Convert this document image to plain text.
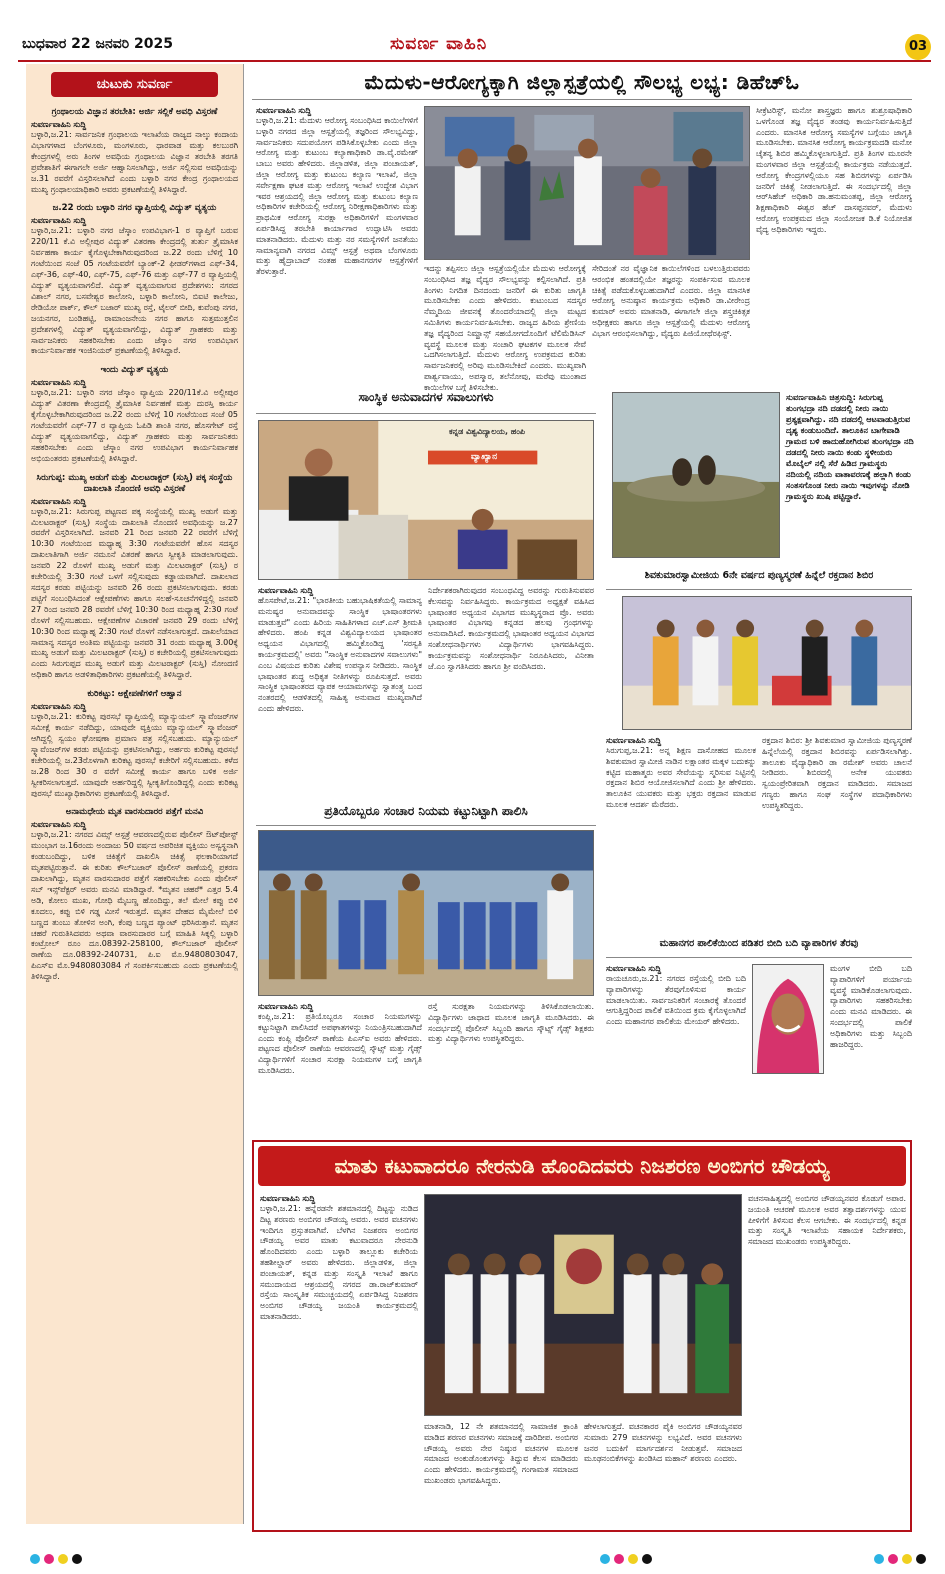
ಬುಧವಾರ 22 ಜನವರಿ 2025	ಸುವರ್ಣ ವಾಹಿನಿ	03
ಚುಟುಕು ಸುವರ್ಣ
ಗ್ರಂಥಾಲಯ ವಿಜ್ಞಾನ ತರಬೇತಿ: ಅರ್ಜಿ ಸಲ್ಲಿಕೆ ಅವಧಿ ವಿಸ್ತರಣೆ
ಸುವರ್ಣವಾಹಿನಿ ಸುದ್ದಿ
ಬಳ್ಳಾರಿ,ಜ.21: ಸಾರ್ವಜನಿಕ ಗ್ರಂಥಾಲಯ ಇಲಾಖೆಯ ರಾಜ್ಯದ ನಾಲ್ಕು ಕಂದಾಯ ವಿಭಾಗಗಳಾದ ಬೆಂಗಳೂರು, ಮಂಗಳೂರು, ಧಾರವಾಡ ಮತ್ತು ಕಲಬುರಗಿ ಕೇಂದ್ರಗಳಲ್ಲಿ ಅರು ತಿಂಗಳ ಅವಧಿಯ ಗ್ರಂಥಾಲಯ ವಿಜ್ಞಾನ ತರಬೇತಿ ತರಗತಿ ಪ್ರವೇಶಾತಿಗೆ ಈಗಾಗಲೇ ಅರ್ಜಿ ಆಹ್ವಾನಿಸಲಾಗಿದ್ದು, ಅರ್ಜಿ ಸಲ್ಲಿಸುವ ಅವಧಿಯನ್ನು ಜ.31 ರವರೆಗೆ ವಿಸ್ತರಿಸಲಾಗಿದೆ ಎಂದು ಬಳ್ಳಾರಿ ನಗರ ಕೇಂದ್ರ ಗ್ರಂಥಾಲಯದ ಮುಖ್ಯ ಗ್ರಂಥಾಲಯಾಧಿಕಾರಿ ಅವರು ಪ್ರಕಟಣೆಯಲ್ಲಿ ತಿಳಿಸಿದ್ದಾರೆ.
ಜ.22 ರಂದು ಬಳ್ಳಾರಿ ನಗರ ವ್ಯಾಪ್ತಿಯಲ್ಲಿ ವಿದ್ಯುತ್ ವ್ಯತ್ಯಯ
ಸುವರ್ಣವಾಹಿನಿ ಸುದ್ದಿ
ಬಳ್ಳಾರಿ,ಜ.21: ಬಳ್ಳಾರಿ ನಗರ ಜೆಸ್ಕಾಂ ಉಪವಿಭಾಗ-1 ರ ವ್ಯಾಪ್ತಿಗೆ ಬರುವ 220/11 ಕೆ.ವಿ ಅಲ್ಲೀಪುರ ವಿದ್ಯುತ್ ವಿತರಣಾ ಕೇಂದ್ರದಲ್ಲಿ ತುರ್ತು ತ್ರೈಮಾಸಿಕ ನಿರ್ವಹಣಾ ಕಾರ್ಯ ಕೈಗೊಳ್ಳಬೇಕಾಗಿರುವುದರಿಂದ ಜ.22 ರಂದು ಬೆಳಿಗ್ಗೆ 10 ಗಂಟೆಯಿಂದ ಸಂಜೆ 05 ಗಂಟೆಯವರೆಗೆ ಬ್ಯಾಂಕ್-2 ಫೀಡರ್‌ಗಳಾದ ಎಫ್-34, ಎಫ್-36, ಎಫ್-40, ಎಫ್-75, ಎಫ್-76 ಮತ್ತು ಎಫ್-77 ರ ವ್ಯಾಪ್ತಿಯಲ್ಲಿ ವಿದ್ಯುತ್ ವ್ಯತ್ಯಯವಾಗಲಿದೆ. ವಿದ್ಯುತ್ ವ್ಯತ್ಯಯವಾಗುವ ಪ್ರದೇಶಗಳು: ನಗರದ ವಿಶಾಲ್ ನಗರ, ಬಸವೇಶ್ವರ ಕಾಲೋನಿ, ಬಳ್ಳಾರಿ ಕಾಲೋನಿ, ಬಿಐಟಿ ಕಾಲೇಜು, ರೇಡಿಯೋ ಪಾರ್ಕ್, ಕೌಲ್ ಬಜಾರ್ ಮುಖ್ಯ ರಸ್ತೆ, ಟೈಲರ್ ಬೀದಿ, ಕುವೆಂಪು ನಗರ, ಜಯನಗರ, ಬಂಡಿಹಟ್ಟಿ, ರಾಮಾಂಜನೇಯ ನಗರ ಹಾಗೂ ಸುತ್ತಮುತ್ತಲಿನ ಪ್ರದೇಶಗಳಲ್ಲಿ ವಿದ್ಯುತ್ ವ್ಯತ್ಯಯವಾಗಲಿದ್ದು, ವಿದ್ಯುತ್ ಗ್ರಾಹಕರು ಮತ್ತು ಸಾರ್ವಜನಿಕರು ಸಹಕರಿಸಬೇಕು ಎಂದು ಜೆಸ್ಕಾಂ ನಗರ ಉಪವಿಭಾಗ ಕಾರ್ಯನಿರ್ವಾಹಕ ಇಂಜಿನಿಯರ್ ಪ್ರಕಟಣೆಯಲ್ಲಿ ತಿಳಿಸಿದ್ದಾರೆ.
ಇಂದು ವಿದ್ಯುತ್ ವ್ಯತ್ಯಯ
ಸುವರ್ಣವಾಹಿನಿ ಸುದ್ದಿ
ಬಳ್ಳಾರಿ,ಜ.21: ಬಳ್ಳಾರಿ ನಗರ ಜೆಸ್ಕಾಂ ವ್ಯಾಪ್ತಿಯ 220/11ಕೆ.ವಿ ಅಲ್ಲೀಪುರ ವಿದ್ಯುತ್ ವಿತರಣಾ ಕೇಂದ್ರದಲ್ಲಿ ತ್ರೈಮಾಸಿಕ ನಿರ್ವಹಣೆ ಮತ್ತು ದುರಸ್ತಿ ಕಾರ್ಯ ಕೈಗೊಳ್ಳಬೇಕಾಗಿರುವುದರಿಂದ ಜ.22 ರಂದು ಬೆಳಿಗ್ಗೆ 10 ಗಂಟೆಯಿಂದ ಸಂಜೆ 05 ಗಂಟೆಯವರೆಗೆ ಎಫ್-77 ರ ವ್ಯಾಪ್ತಿಯ ಓಪಿಡಿ ಶಾಂತಿ ನಗರ, ಹೊಸಗೇಟ್ ರಸ್ತೆ ವಿದ್ಯುತ್ ವ್ಯತ್ಯಯವಾಗಲಿದ್ದು, ವಿದ್ಯುತ್ ಗ್ರಾಹಕರು ಮತ್ತು ಸಾರ್ವಜನಿಕರು ಸಹಕರಿಸಬೇಕು ಎಂದು ಜೆಸ್ಕಾಂ ನಗರ ಉಪವಿಭಾಗ ಕಾರ್ಯನಿರ್ವಾಹಕ ಅಭಿಯಂತರರು ಪ್ರಕಟಣೆಯಲ್ಲಿ ತಿಳಿಸಿದ್ದಾರೆ.
ಸಿರುಗುಪ್ಪ: ಮುಖ್ಯ ಅಡುಗೆ ಮತ್ತು ಮಿಲಟರಾಕ್ಟರ್ (ಸುಸ್ತಿ) ಪಕ್ಕ ಸಂಸ್ಥೆಯ ದಾಖಲಾತಿ ನೊಂದಣಿ ಅವಧಿ ವಿಸ್ತರಣೆ
ಸುವರ್ಣವಾಹಿನಿ ಸುದ್ದಿ
ಬಳ್ಳಾರಿ,ಜ.21: ಸಿರುಗುಪ್ಪ ಪಟ್ಟಣದ ಪಕ್ಕ ಸಂಸ್ಥೆಯಲ್ಲಿ ಮುಖ್ಯ ಅಡುಗೆ ಮತ್ತು ಮಿಲಟರಾಕ್ಟರ್ (ಸುಸ್ತಿ) ಸಂಸ್ಥೆಯ ದಾಖಲಾತಿ ನೊಂದಣಿ ಅವಧಿಯನ್ನು ಜ.27 ರವರೆಗೆ ವಿಸ್ತರಿಸಲಾಗಿದೆ. ಜನವರಿ 21 ರಿಂದ ಜನವರಿ 22 ರವರೆಗೆ ಬೆಳಿಗ್ಗೆ 10:30 ಗಂಟೆಯಿಂದ ಮಧ್ಯಾಹ್ನ 3:30 ಗಂಟೆಯವರೆಗೆ ಹೊಸ ಸದಸ್ಯರ ದಾಖಲಾತಿಗಾಗಿ ಅರ್ಜಿ ನಮೂನೆ ವಿತರಣೆ ಹಾಗೂ ಸ್ವೀಕೃತಿ ಮಾಡಲಾಗುವುದು. ಜನವರಿ 22 ರೊಳಗೆ ಮುಖ್ಯ ಅಡುಗೆ ಮತ್ತು ಮಿಲಟರಾಕ್ಟರ್ (ಸುಸ್ತಿ) ರ ಕಚೇರಿಯಲ್ಲಿ 3:30 ಗಂಟೆ ಒಳಗೆ ಸಲ್ಲಿಸುವುದು ಕಡ್ಡಾಯವಾಗಿದೆ. ದಾಖಲಾದ ಸದಸ್ಯರ ಕರಡು ಪಟ್ಟಿಯನ್ನು ಜನವರಿ 26 ರಂದು ಪ್ರಕಟಿಸಲಾಗುವುದು. ಕರಡು ಪಟ್ಟಿಗೆ ಸಂಬಂಧಿಸಿದಂತೆ ಆಕ್ಷೇಪಣೆಗಳು ಹಾಗೂ ಸಲಹೆ-ಸೂಚನೆಗಳಿದ್ದಲ್ಲಿ ಜನವರಿ 27 ರಿಂದ ಜನವರಿ 28 ರವರೆಗೆ ಬೆಳಿಗ್ಗೆ 10:30 ರಿಂದ ಮಧ್ಯಾಹ್ನ 2:30 ಗಂಟೆ ರೊಳಗೆ ಸಲ್ಲಿಸಬಹುದು. ಆಕ್ಷೇಪಣೆಗಳ ವಿಚಾರಣೆ ಜನವರಿ 29 ರಂದು ಬೆಳಿಗ್ಗೆ 10:30 ರಿಂದ ಮಧ್ಯಾಹ್ನ 2:30 ಗಂಟೆ ರೊಳಗೆ ನಡೆಸಲಾಗುತ್ತದೆ. ದಾಖಲೆಯಾದ ಸಾಮಾನ್ಯ ಸದಸ್ಯರ ಅಂತಿಮ ಪಟ್ಟಿಯನ್ನು ಜನವರಿ 31 ರಂದು ಮಧ್ಯಾಹ್ನ 3.00ಕ್ಕೆ ಮುಖ್ಯ ಅಡುಗೆ ಮತ್ತು ಮಿಲಟರಾಕ್ಟರ್ (ಸುಸ್ತಿ) ರ ಕಚೇರಿಯಲ್ಲಿ ಪ್ರಕಟಿಸಲಾಗುವುದು ಎಂದು ಸಿರುಗುಪ್ಪದ ಮುಖ್ಯ ಅಡುಗೆ ಮತ್ತು ಮಿಲಟರಾಕ್ಟರ್ (ಸುಸ್ತಿ) ನೋಂದಣಿ ಅಧಿಕಾರಿ ಹಾಗೂ ಅಡಳಿತಾಧಿಕಾರಿಗಳು ಪ್ರಕಟಣೆಯಲ್ಲಿ ತಿಳಿಸಿದ್ದಾರೆ.
ಕುರಿಕಟ್ಟು: ಅಕ್ಷೇಪಣೆಗಳಿಗೆ ಆಹ್ವಾನ
ಸುವರ್ಣವಾಹಿನಿ ಸುದ್ದಿ
ಬಳ್ಳಾರಿ,ಜ.21: ಕುರಿಕಟ್ಟ ಪುರಸಭೆ ವ್ಯಾಪ್ತಿಯಲ್ಲಿ ಮ್ಯಾನ್ಯುಯಲ್ ಸ್ಕ್ಯಾವೆಂಜರ್‌ಗಳ ಸಮೀಕ್ಷೆ ಕಾರ್ಯ ನಡೆದಿದ್ದು, ಯಾವುದೇ ವ್ಯಕ್ತಿಯು ಮ್ಯಾನ್ಯುಯಲ್ ಸ್ಕ್ಯಾವೆಂಜರ್ ಆಗಿದ್ದಲ್ಲಿ ಸ್ವಯಂ ಘೋಷಣಾ ಪ್ರಮಾಣ ಪತ್ರ ಸಲ್ಲಿಸಬಹುದು. ಮ್ಯಾನ್ಯುಯಲ್ ಸ್ಕ್ಯಾವೆಂಜರ್‌ಗಳ ಕರಡು ಪಟ್ಟಿಯನ್ನು ಪ್ರಕಟಿಸಲಾಗಿದ್ದು, ಅರ್ಹರು ಕುರಿಕಟ್ಟ ಪುರಸಭೆ ಕಚೇರಿಯಲ್ಲಿ ಜ.23ರೊಳಗಾಗಿ ಕುರಿಕಟ್ಟ ಪುರಸಭೆ ಕಚೇರಿಗೆ ಸಲ್ಲಿಸಬಹುದು. ಕಳೆದ ಜ.28 ರಿಂದ 30 ರ ವರೆಗೆ ಸಮೀಕ್ಷೆ ಕಾರ್ಯ ಹಾಗೂ ಬಳಿಕ ಅರ್ಜಿ ಸ್ವೀಕರಿಸಲಾಗುತ್ತದೆ. ಯಾವುದೇ ಅರ್ಹರಿದ್ದಲ್ಲಿ ಸ್ವೀಕೃತಿಗೊಂಡಿದ್ದಲ್ಲಿ ಎಂದು ಕುರಿಕಟ್ಟ ಪುರಸಭೆ ಮುಖ್ಯಾಧಿಕಾರಿಗಳು ಪ್ರಕಟಣೆಯಲ್ಲಿ ತಿಳಿಸಿದ್ದಾರೆ.
ಅನಾಮಧೇಯ ಮೃತ ವಾರಸುದಾರರ ಪತ್ತೆಗೆ ಮನವಿ
ಸುವರ್ಣವಾಹಿನಿ ಸುದ್ದಿ
ಬಳ್ಳಾರಿ,ಜ.21: ನಗರದ ವಿಮ್ಸ್ ಆಸ್ಪತ್ರೆ ಆವರಣದಲ್ಲಿರುವ ಪೊಲೀಸ್ ಔಟ್‌ಪೋಸ್ಟ್ ಮುಂಭಾಗ ಜ.16ರಂದು ಅಂದಾಜು 50 ವರ್ಷದ ಅಪರಿಚಿತ ವ್ಯಕ್ತಿಯು ಅಸ್ವಸ್ಥನಾಗಿ ಕಂಡುಬಂದಿದ್ದು, ಬಳಿಕ ಚಿಕಿತ್ಸೆಗೆ ದಾಖಲಿಸಿ ಚಿಕಿತ್ಸೆ ಫಲಕಾರಿಯಾಗದೆ ಮೃತಪಟ್ಟಿರುತ್ತಾನೆ. ಈ ಕುರಿತು ಕೌಲ್‌ಬಜಾರ್ ಪೊಲೀಸ್ ಠಾಣೆಯಲ್ಲಿ ಪ್ರಕರಣ ದಾಖಲಾಗಿದ್ದು, ಮೃತನ ವಾರಸುದಾರರ ಪತ್ತೆಗೆ ಸಹಕರಿಸಬೇಕು ಎಂದು ಪೊಲೀಸ್ ಸಬ್ ಇನ್ಸ್‌ಪೆಕ್ಟರ್ ಅವರು ಮನವಿ ಮಾಡಿದ್ದಾರೆ. *ಮೃತನ ಚಹರೆ* ಎತ್ತರ 5.4 ಅಡಿ, ಕೋಲು ಮುಖ, ಗೋಧಿ ಮೈಬಣ್ಣ ಹೊಂದಿದ್ದು, ತಲೆ ಮೇಲೆ ಕಪ್ಪು ಬಿಳಿ ಕೂದಲು, ಕಪ್ಪು ಬಿಳಿ ಗಡ್ಡ ಮೀಸೆ ಇರುತ್ತದೆ. ಮೃತನ ದೇಹದ ಮೈಮೇಲೆ ಬಿಳಿ ಬಣ್ಣದ ತುಂಬು ತೋಳಿನ ಅಂಗಿ, ಕೆಂಪು ಬಣ್ಣದ ಪ್ಯಾಂಟ್ ಧರಿಸಿರುತ್ತಾನೆ. ಮೃತನ ಚಹರೆ ಗುರುತಿಸಿದವರು ಅಥವಾ ವಾರಸುದಾರರ ಬಗ್ಗೆ ಮಾಹಿತಿ ಸಿಕ್ಕಲ್ಲಿ ಬಳ್ಳಾರಿ ಕಂಟ್ರೋಲ್ ರೂಂ ದೂ.08392-258100, ಕೌಲ್‌ಬಜಾರ್ ಪೊಲೀಸ್ ಠಾಣೆಯ ದೂ.08392-240731, ಪಿ.ಐ ಮೊ.9480803047, ಪಿಎಸ್‌ಐ ಮೊ.9480803084 ಗೆ ಸಂಪರ್ಕಿಸಬಹುದು ಎಂದು ಪ್ರಕಟಣೆಯಲ್ಲಿ ತಿಳಿಸಿದ್ದಾರೆ.
ಮೆದುಳು-ಆರೋಗ್ಯಕ್ಕಾಗಿ ಜಿಲ್ಲಾಸ್ಪತ್ರೆಯಲ್ಲಿ ಸೌಲಭ್ಯ ಲಭ್ಯ: ಡಿಹೆಚ್‌ಓ
ಸುವರ್ಣವಾಹಿನಿ ಸುದ್ದಿ
ಬಳ್ಳಾರಿ,ಜ.21: ಮೆದುಳು ಆರೋಗ್ಯ ಸಂಬಂಧಿಸಿದ ಕಾಯಿಲೆಗಳಿಗೆ ಬಳ್ಳಾರಿ ನಗರದ ಜಿಲ್ಲಾ ಆಸ್ಪತ್ರೆಯಲ್ಲಿ ತಜ್ಞರಿಂದ ಸೌಲಭ್ಯವಿದ್ದು, ಸಾರ್ವಜನಿಕರು ಸದುಪಯೋಗ ಪಡಿಸಿಕೊಳ್ಳಬೇಕು ಎಂದು ಜಿಲ್ಲಾ ಆರೋಗ್ಯ ಮತ್ತು ಕುಟುಂಬ ಕಲ್ಯಾಣಾಧಿಕಾರಿ ಡಾ.ವೈ.ರಮೇಶ್ ಬಾಬು ಅವರು ಹೇಳಿದರು. ಜಿಲ್ಲಾಡಳಿತ, ಜಿಲ್ಲಾ ಪಂಚಾಯತ್, ಜಿಲ್ಲಾ ಆರೋಗ್ಯ ಮತ್ತು ಕುಟುಂಬ ಕಲ್ಯಾಣ ಇಲಾಖೆ, ಜಿಲ್ಲಾ ಸರ್ವೇಕ್ಷಣಾ ಘಟಕ ಮತ್ತು ಆರೋಗ್ಯ ಇಲಾಖೆ ಉದ್ದೇಶ ವಿಭಾಗ ಇವರ ಆಶ್ರಯದಲ್ಲಿ ಜಿಲ್ಲಾ ಆರೋಗ್ಯ ಮತ್ತು ಕುಟುಂಬ ಕಲ್ಯಾಣ ಅಧಿಕಾರಿಗಳ ಕಚೇರಿಯಲ್ಲಿ ಆರೋಗ್ಯ ನಿರೀಕ್ಷಣಾಧಿಕಾರಿಗಳು ಮತ್ತು ಪ್ರಾಥಮಿಕ ಆರೋಗ್ಯ ಸುರಕ್ಷಾ ಅಧಿಕಾರಿಗಳಿಗೆ ಮಂಗಳವಾರ ಏರ್ಪಡಿಸಿದ್ದ ತರಬೇತಿ ಕಾರ್ಯಾಗಾರ ಉದ್ಘಾಟಿಸಿ ಅವರು ಮಾತನಾಡಿದರು. ಮೆದುಳು ಮತ್ತು ನರ ಸಮಸ್ಯೆಗಳಿಗೆ ಜನತೆಯು ಸಾಮಾನ್ಯವಾಗಿ ನಗರದ ವಿಮ್ಸ್ ಆಸ್ಪತ್ರೆ ಅಥವಾ ಬೆಂಗಳೂರು ಮತ್ತು ಹೈದ್ರಾಬಾದ್ ನಂತಹ ಮಹಾನಗರಗಳ ಆಸ್ಪತ್ರೆಗಳಿಗೆ ತೆರಳುತ್ತಾರೆ.	ಇದನ್ನು ತಪ್ಪಿಸಲು ಜಿಲ್ಲಾ ಆಸ್ಪತ್ರೆಯಲ್ಲಿಯೇ ಮೆದುಳು ಆರೋಗ್ಯಕ್ಕೆ ಸಂಬಂಧಿಸಿದ ತಜ್ಞ ವೈದ್ಯರ ಸೌಲಭ್ಯವನ್ನು ಕಲ್ಪಿಸಲಾಗಿದೆ. ಪ್ರತಿ ತಿಂಗಳು ನಿಗದಿತ ದಿನದಂದು ಜನರಿಗೆ ಈ ಕುರಿತು ಜಾಗೃತಿ ಮೂಡಿಸಬೇಕು ಎಂದು ಹೇಳಿದರು. ಕುಟುಂಬದ ಸದಸ್ಯರ ನೆಮ್ಮದಿಯ ಜೀವನಕ್ಕೆ ತೊಂದರೆಯಾದಲ್ಲಿ ಜಿಲ್ಲಾ ಮಟ್ಟದ ಸಮಿತಿಗಳು ಕಾರ್ಯನಿರ್ವಹಿಸಬೇಕು. ರಾಜ್ಯದ ಹಿರಿಯ ಶ್ರೇಣಿಯ ತಜ್ಞ ವೈದ್ಯರಿಂದ ನಿಮ್ಹಾನ್ಸ್ ಸಹಯೋಗದೊಂದಿಗೆ ಟೆಲಿಮೆಡಿಸಿನ್ ವ್ಯವಸ್ಥೆ ಮೂಲಕ ಮತ್ತು ಸಂಚಾರಿ ಘಟಕಗಳ ಮೂಲಕ ಸೇವೆ ಒದಗಿಸಲಾಗುತ್ತಿದೆ. ಮೆದುಳು ಆರೋಗ್ಯ ಉಪಕ್ರಮದ ಕುರಿತು ಸಾರ್ವಜನಿಕರಲ್ಲಿ ಅರಿವು ಮೂಡಿಸಬೇಕಿದೆ ಎಂದರು. ಮುಖ್ಯವಾಗಿ ಪಾರ್ಶ್ವವಾಯು, ಅಪಸ್ಮಾರ, ತಲೆನೋವು, ಮರೆವು ಮುಂತಾದ ಕಾಯಿಲೆಗಳ ಬಗ್ಗೆ ತಿಳಿಸಬೇಕು.
ಸೇರಿದಂತೆ ನರ ವೈಜ್ಞಾನಿಕ ಕಾಯಿಲೆಗಳಿಂದ ಬಳಲುತ್ತಿರುವವರು ಆರಂಭಿಕ ಹಂತದಲ್ಲಿಯೇ ತಜ್ಞರನ್ನು ಸಂಪರ್ಕಿಸುವ ಮೂಲಕ ಚಿಕಿತ್ಸೆ ಪಡೆದುಕೊಳ್ಳಬಹುದಾಗಿದೆ ಎಂದರು. ಜಿಲ್ಲಾ ಮಾನಸಿಕ ಆರೋಗ್ಯ ಅನುಷ್ಠಾನ ಕಾರ್ಯಕ್ರಮ ಅಧಿಕಾರಿ ಡಾ.ವೀರೇಂದ್ರ ಕುಮಾರ್ ಅವರು ಮಾತನಾಡಿ, ಈಗಾಗಲೇ ಜಿಲ್ಲಾ ಶಸ್ತ್ರಚಿಕಿತ್ಸಕ ಅಧೀಕ್ಷಕರು ಹಾಗೂ ಜಿಲ್ಲಾ ಆಸ್ಪತ್ರೆಯಲ್ಲಿ ಮೆದುಳು ಆರೋಗ್ಯ ವಿಭಾಗ ಆರಂಭಿಸಲಾಗಿದ್ದು, ವೈದ್ಯರು ಪಿಜಿಯೋಥೆರಫಿಸ್ಟ್.
ಸೀಕ್ರೆಟರಿಸ್ಟ್, ಮನೋ ಶಾಸ್ತ್ರಜ್ಞರು ಹಾಗೂ ಶುಶ್ರೂಷಾಧಿಕಾರಿ ಒಳಗೊಂಡ ತಜ್ಞ ವೈದ್ಯರ ತಂಡವು ಕಾರ್ಯನಿರ್ವಹಿಸುತ್ತಿದೆ ಎಂದರು. ಮಾನಸಿಕ ಆರೋಗ್ಯ ಸಮಸ್ಯೆಗಳ ಬಗ್ಗೆಯು ಜಾಗೃತಿ ಮೂಡಿಸಬೇಕು. ಮಾನಸಿಕ ಆರೋಗ್ಯ ಕಾರ್ಯಕ್ರಮದಡಿ ಮನೋ ಚೈತನ್ಯ ಶಿಬಿರ ಹಮ್ಮಿಕೊಳ್ಳಲಾಗುತ್ತಿದೆ. ಪ್ರತಿ ತಿಂಗಳ ಮೂರನೇ ಮಂಗಳವಾರ ಜಿಲ್ಲಾ ಆಸ್ಪತ್ರೆಯಲ್ಲಿ ಕಾರ್ಯಕ್ರಮ ನಡೆಯುತ್ತದೆ. ಆರೋಗ್ಯ ಕೇಂದ್ರಗಳಲ್ಲಿಯೂ ಸಹ ಶಿಬಿರಗಳನ್ನು ಏರ್ಪಡಿಸಿ ಜನರಿಗೆ ಚಿಕಿತ್ಸೆ ನೀಡಲಾಗುತ್ತಿದೆ. ಈ ಸಂದರ್ಭದಲ್ಲಿ ಜಿಲ್ಲಾ ಆರ್‌ಸಿಹೆಚ್ ಅಧಿಕಾರಿ ಡಾ.ಹನುಮಂತಪ್ಪ, ಜಿಲ್ಲಾ ಆರೋಗ್ಯ ಶಿಕ್ಷಣಾಧಿಕಾರಿ ಈಶ್ವರ ಹೆಚ್ ದಾಸಪ್ಪನವರ್, ಮೆದುಳು ಆರೋಗ್ಯ ಉಪಕ್ರಮದ ಜಿಲ್ಲಾ ಸಂಯೋಜಕ ಡಿ.ಕೆ ನಿಯೋಜಿತ ವೈದ್ಯ ಅಧಿಕಾರಿಗಳು ಇದ್ದರು.
ಸಾಂಸ್ಥಿಕ ಅನುವಾದಗಳ ಸವಾಲುಗಳು
ಕನ್ನಡ ವಿಶ್ವವಿದ್ಯಾಲಯ, ಹಂಪಿ
ವ್ಯಾಖ್ಯಾನ
ಸುವರ್ಣವಾಹಿನಿ ಸುದ್ದಿ
ಹೊಸಪೇಟೆ,ಜ.21: "ಭಾರತೀಯ ಬಹುಭಾಷಿಕತೆಯಲ್ಲಿ ಸಾಮಾನ್ಯ ಮನುಷ್ಯರ ಅನುವಾದವನ್ನು ಸಾಂಸ್ಥಿಕ ಭಾಷಾಂತರಗಳು ಮಾಡುತ್ತವೆ" ಎಂದು ಹಿರಿಯ ಸಾಹಿತಿಗಳಾದ ಎಚ್.ಎಸ್ ಶ್ರೀಮತಿ ಹೇಳಿದರು. ಹಂಪಿ ಕನ್ನಡ ವಿಶ್ವವಿದ್ಯಾಲಯದ ಭಾಷಾಂತರ ಅಧ್ಯಯನ ವಿಭಾಗದಲ್ಲಿ ಹಮ್ಮಿಕೊಂಡಿದ್ದ 'ಸರಸ್ವತಿ ಕಾರ್ಯಕ್ರಮದಲ್ಲಿ' ಅವರು "ಸಾಂಸ್ಥಿಕ ಅನುವಾದಗಳ ಸವಾಲುಗಳು" ಎಂಬ ವಿಷಯದ ಕುರಿತು ವಿಶೇಷ ಉಪನ್ಯಾಸ ನೀಡಿದರು. ಸಾಂಸ್ಥಿಕ ಭಾಷಾಂತರ ಶುದ್ಧ ಅಧಿಕೃತ ನೀತಿಗಳನ್ನು ರೂಪಿಸುತ್ತದೆ. ಅವರು ಸಾಂಸ್ಥಿಕ ಭಾಷಾಂತರದ ವ್ಯಾಪಕ ಆಯಾಮಗಳನ್ನು ಸ್ವಾತಂತ್ರ್ಯ ಬಂದ ನಂತರದಲ್ಲಿ ಆಡಳಿತದಲ್ಲಿ ಸಾಹಿತ್ಯ ಅನುವಾದ ಮುಖ್ಯವಾಗಿದೆ ಎಂದು ಹೇಳಿದರು.
ನಿರ್ದೇಶಕರಾಗಿರುವುದರ ಸಂಬಂಧವಿದ್ದ ಅವರನ್ನು ಗುರುತಿಸುವವರ ಕೆಲಸವನ್ನು ನಿರ್ವಹಿಸಿದ್ದರು. ಕಾರ್ಯಕ್ರಮದ ಅಧ್ಯಕ್ಷತೆ ವಹಿಸಿದ ಭಾಷಾಂತರ ಅಧ್ಯಯನ ವಿಭಾಗದ ಮುಖ್ಯಸ್ಥರಾದ ಪ್ರೊ. ಅವರು ಭಾಷಾಂತರ ವಿಭಾಗವು ಕನ್ನಡದ ಹಲವು ಗ್ರಂಥಗಳನ್ನು ಅನುವಾದಿಸಿದೆ. ಕಾರ್ಯಕ್ರಮದಲ್ಲಿ ಭಾಷಾಂತರ ಅಧ್ಯಯನ ವಿಭಾಗದ ಸಂಶೋಧನಾರ್ಥಿಗಳು ವಿದ್ಯಾರ್ಥಿಗಳು ಭಾಗವಹಿಸಿದ್ದರು. ಕಾರ್ಯಕ್ರಮವನ್ನು ಸಂಶೋಧನಾರ್ಥಿ ನಿರೂಪಿಸಿದರು, ವಿನೀತಾ ಜೆ.ಎಂ ಸ್ವಾಗತಿಸಿದರು ಹಾಗೂ ಶ್ರೀ ವಂದಿಸಿದರು.
ಸುವರ್ಣವಾಹಿನಿ ಚಿತ್ರಸುದ್ದಿ: ಸಿರುಗುಪ್ಪ ತುಂಗಭದ್ರಾ ನದಿ ದಡದಲ್ಲಿ ನೀರು ನಾಯಿ ಪ್ರತ್ಯಕ್ಷವಾಗಿದ್ದು. ನದಿ ದಡದಲ್ಲಿ ಆಟವಾಡುತ್ತಿರುವ ದೃಶ್ಯ ಕಂಡುಬಂದಿದೆ. ತಾಲೂಕಿನ ಬಾಗೇವಾಡಿ ಗ್ರಾಮದ ಬಳಿ ಹಾದುಹೋಗಿರುವ ತುಂಗಭದ್ರಾ ನದಿ ದಡದಲ್ಲಿ ನೀರು ನಾಯಿ ಕಂಡು ಸ್ಥಳೀಯರು ಮೊಬೈಲ್ ನಲ್ಲಿ ಸೆರೆ ಹಿಡಿದ ಗ್ರಾಮಸ್ಥರು ನದಿಯಲ್ಲಿ ನದಿಯ ವಾತಾವರಣಕ್ಕೆ ಹಲ್ಲಾಗಿ ಕಂಡು ಸಂತಸಗೊಂಡ ನೀರು ನಾಯಿ ಇವುಗಳನ್ನು ನೋಡಿ ಗ್ರಾಮಸ್ಥರು ಖುಷಿ ಪಟ್ಟಿದ್ದಾರೆ.
ಶಿವಕುಮಾರಸ್ವಾಮೀಜಿಯ 6ನೇ ವರ್ಷದ ಪುಣ್ಯಸ್ಮರಣೆ ಹಿನ್ನೆಲೆ ರಕ್ತದಾನ ಶಿಬಿರ
ಸುವರ್ಣವಾಹಿನಿ ಸುದ್ದಿ
ಸಿರುಗುಪ್ಪ,ಜ.21: ಅನ್ನ ಶಿಕ್ಷಣ ದಾಸೋಹದ ಮೂಲಕ ಶಿವಕುಮಾರ ಸ್ವಾಮೀಜಿ ನಾಡಿನ ಲಕ್ಷಾಂತರ ಮಕ್ಕಳ ಬದುಕನ್ನು ಕಟ್ಟಿದ ಮಹಾತ್ಮರು ಅವರ ಸೇವೆಯನ್ನು ಸ್ಮರಿಸುವ ನಿಟ್ಟಿನಲ್ಲಿ ರಕ್ತದಾನ ಶಿಬಿರ ಆಯೋಜಿಸಲಾಗಿದೆ ಎಂದು ಶ್ರೀ ಹೇಳಿದರು. ತಾಲೂಕಿನ ಯುವಕರು ಮತ್ತು ಭಕ್ತರು ರಕ್ತದಾನ ಮಾಡುವ ಮೂಲಕ ಆದರ್ಶ ಮೆರೆದರು.
ರಕ್ತದಾನ ಶಿಬಿರ: ಶ್ರೀ ಶಿವಕುಮಾರ ಸ್ವಾಮೀಜಿಯ ಪುಣ್ಯಸ್ಮರಣೆ ಹಿನ್ನೆಲೆಯಲ್ಲಿ ರಕ್ತದಾನ ಶಿಬಿರವನ್ನು ಏರ್ಪಡಿಸಲಾಗಿತ್ತು. ತಾಲೂಕು ವೈದ್ಯಾಧಿಕಾರಿ ಡಾ ರಮೇಶ್ ಅವರು ಚಾಲನೆ ನೀಡಿದರು. ಶಿಬಿರದಲ್ಲಿ ಅನೇಕ ಯುವಕರು ಸ್ವಯಂಪ್ರೇರಿತವಾಗಿ ರಕ್ತದಾನ ಮಾಡಿದರು. ಸಮಾಜದ ಗಣ್ಯರು ಹಾಗೂ ಸಂಘ ಸಂಸ್ಥೆಗಳ ಪದಾಧಿಕಾರಿಗಳು ಉಪಸ್ಥಿತರಿದ್ದರು.
ಪ್ರತಿಯೊಬ್ಬರೂ ಸಂಚಾರ ನಿಯಮ ಕಟ್ಟುನಿಟ್ಟಾಗಿ ಪಾಲಿಸಿ
ಸುವರ್ಣವಾಹಿನಿ ಸುದ್ದಿ
ಕಂಪ್ಲಿ,ಜ.21: ಪ್ರತಿಯೊಬ್ಬರೂ ಸಂಚಾರ ನಿಯಮಗಳನ್ನು ಕಟ್ಟುನಿಟ್ಟಾಗಿ ಪಾಲಿಸಿದರೆ ಅಪಘಾತಗಳನ್ನು ನಿಯಂತ್ರಿಸಬಹುದಾಗಿದೆ ಎಂದು ಕಂಪ್ಲಿ ಪೊಲೀಸ್ ಠಾಣೆಯ ಪಿಎಸ್‌ಐ ಅವರು ಹೇಳಿದರು. ಪಟ್ಟಣದ ಪೊಲೀಸ್ ಠಾಣೆಯ ಆವರಣದಲ್ಲಿ ಸ್ಕೌಟ್ಸ್ ಮತ್ತು ಗೈಡ್ಸ್ ವಿದ್ಯಾರ್ಥಿಗಳಿಗೆ ಸಂಚಾರ ಸುರಕ್ಷಾ ನಿಯಮಗಳ ಬಗ್ಗೆ ಜಾಗೃತಿ ಮೂಡಿಸಿದರು.
ರಸ್ತೆ ಸುರಕ್ಷತಾ ನಿಯಮಗಳನ್ನು ತಿಳಿಸಿಕೊಡಲಾಯಿತು. ವಿದ್ಯಾರ್ಥಿಗಳು ಜಾಥಾದ ಮೂಲಕ ಜಾಗೃತಿ ಮೂಡಿಸಿದರು. ಈ ಸಂದರ್ಭದಲ್ಲಿ ಪೊಲೀಸ್ ಸಿಬ್ಬಂದಿ ಹಾಗೂ ಸ್ಕೌಟ್ಸ್ ಗೈಡ್ಸ್ ಶಿಕ್ಷಕರು ಮತ್ತು ವಿದ್ಯಾರ್ಥಿಗಳು ಉಪಸ್ಥಿತರಿದ್ದರು.
ಮಹಾನಗರ ಪಾಲಿಕೆಯಿಂದ ಪಡಿತರ ಬೀದಿ ಬದಿ ವ್ಯಾಪಾರಿಗಳ ತೆರವು
ಸುವರ್ಣವಾಹಿನಿ ಸುದ್ದಿ
ರಾಯಚೂರು,ಜ.21: ನಗರದ ರಸ್ತೆಯಲ್ಲಿ ಬೀದಿ ಬದಿ ವ್ಯಾಪಾರಿಗಳನ್ನು ತೆರವುಗೊಳಿಸುವ ಕಾರ್ಯ ಮಾಡಲಾಯಿತು. ಸಾರ್ವಜನಿಕರಿಗೆ ಸಂಚಾರಕ್ಕೆ ತೊಂದರೆ ಆಗುತ್ತಿದ್ದರಿಂದ ಪಾಲಿಕೆ ವತಿಯಿಂದ ಕ್ರಮ ಕೈಗೊಳ್ಳಲಾಗಿದೆ ಎಂದು ಮಹಾನಗರ ಪಾಲಿಕೆಯ ಮೇಯರ್ ಹೇಳಿದರು.
ಮಂಗಳ ಬೀದಿ ಬದಿ ವ್ಯಾಪಾರಿಗಳಿಗೆ ಪರ್ಯಾಯ ವ್ಯವಸ್ಥೆ ಮಾಡಿಕೊಡಲಾಗುವುದು. ವ್ಯಾಪಾರಿಗಳು ಸಹಕರಿಸಬೇಕು ಎಂದು ಮನವಿ ಮಾಡಿದರು. ಈ ಸಂದರ್ಭದಲ್ಲಿ ಪಾಲಿಕೆ ಅಧಿಕಾರಿಗಳು ಮತ್ತು ಸಿಬ್ಬಂದಿ ಹಾಜರಿದ್ದರು.
ಮಾತು ಕಟುವಾದರೂ ನೇರನುಡಿ ಹೊಂದಿದವರು ನಿಜಶರಣ ಅಂಬಿಗರ ಚೌಡಯ್ಯ
ಸುವರ್ಣವಾಹಿನಿ ಸುದ್ದಿ
ಬಳ್ಳಾರಿ,ಜ.21: ಹನ್ನೆರಡನೇ ಶತಮಾನದಲ್ಲಿ ದಿಟ್ಟನ್ನು ನುಡಿದ ದಿಟ್ಟ ಶರಣರು ಅಂಬಿಗರ ಚೌಡಯ್ಯ ಅವರು. ಅವರ ವಚನಗಳು ಇಂದಿಗೂ ಪ್ರಸ್ತುತವಾಗಿವೆ. ಬೆಳಗಿನ ನಿಜಶರಣ ಅಂಬಿಗರ ಚೌಡಯ್ಯ ಅವರ ಮಾತು ಕಟುವಾದರೂ ನೇರನುಡಿ ಹೊಂದಿದವರು ಎಂದು ಬಳ್ಳಾರಿ ತಾಲ್ಲೂಕು ಕಚೇರಿಯ ತಹಶೀಲ್ದಾರ್ ಅವರು ಹೇಳಿದರು. ಜಿಲ್ಲಾಡಳಿತ, ಜಿಲ್ಲಾ ಪಂಚಾಯತ್, ಕನ್ನಡ ಮತ್ತು ಸಂಸ್ಕೃತಿ ಇಲಾಖೆ ಹಾಗೂ ಸಮುದಾಯದ ಆಶ್ರಯದಲ್ಲಿ ನಗರದ ಡಾ.ರಾಜ್‌ಕುಮಾರ್ ರಸ್ತೆಯ ಸಾಂಸ್ಕೃತಿಕ ಸಮುಚ್ಚಯದಲ್ಲಿ ಏರ್ಪಡಿಸಿದ್ದ ನಿಜಶರಣ ಅಂಬಿಗರ ಚೌಡಯ್ಯ ಜಯಂತಿ ಕಾರ್ಯಕ್ರಮದಲ್ಲಿ ಮಾತನಾಡಿದರು.
ಮಾತನಾಡಿ, 12 ನೇ ಶತಮಾನದಲ್ಲಿ ಸಾಮಾಜಿಕ ಕ್ರಾಂತಿ ಮಾಡಿದ ಶರಣರ ವಚನಗಳು ಸಮಾಜಕ್ಕೆ ದಾರಿದೀಪ. ಅಂಬಿಗರ ಚೌಡಯ್ಯ ಅವರು ನೇರ ನಿಷ್ಠುರ ವಚನಗಳ ಮೂಲಕ ಸಮಾಜದ ಅಂಕುಡೊಂಕುಗಳನ್ನು ತಿದ್ದುವ ಕೆಲಸ ಮಾಡಿದರು ಎಂದು ಹೇಳಿದರು. ಕಾರ್ಯಕ್ರಮದಲ್ಲಿ ಗಂಗಾಮತ ಸಮಾಜದ ಮುಖಂಡರು ಭಾಗವಹಿಸಿದ್ದರು.
ಹೇಳಲಾಗುತ್ತದೆ. ವಚನಕಾರರ ಪೈಕಿ ಅಂಬಿಗರ ಚೌಡಯ್ಯನವರ ಸುಮಾರು 279 ವಚನಗಳನ್ನು ಲಭ್ಯವಿದೆ. ಅವರ ವಚನಗಳು ಜನರ ಬದುಕಿಗೆ ಮಾರ್ಗದರ್ಶನ ನೀಡುತ್ತವೆ. ಸಮಾಜದ ಮೂಢನಂಬಿಕೆಗಳನ್ನು ಖಂಡಿಸಿದ ಮಹಾನ್ ಶರಣರು ಎಂದರು.
ವಚನಸಾಹಿತ್ಯದಲ್ಲಿ ಅಂಬಿಗರ ಚೌಡಯ್ಯನವರ ಕೊಡುಗೆ ಅಪಾರ. ಜಯಂತಿ ಆಚರಣೆ ಮೂಲಕ ಅವರ ತತ್ವಾದರ್ಶಗಳನ್ನು ಯುವ ಪೀಳಿಗೆಗೆ ತಿಳಿಸುವ ಕೆಲಸ ಆಗಬೇಕು. ಈ ಸಂದರ್ಭದಲ್ಲಿ ಕನ್ನಡ ಮತ್ತು ಸಂಸ್ಕೃತಿ ಇಲಾಖೆಯ ಸಹಾಯಕ ನಿರ್ದೇಶಕರು, ಸಮಾಜದ ಮುಖಂಡರು ಉಪಸ್ಥಿತರಿದ್ದರು.
